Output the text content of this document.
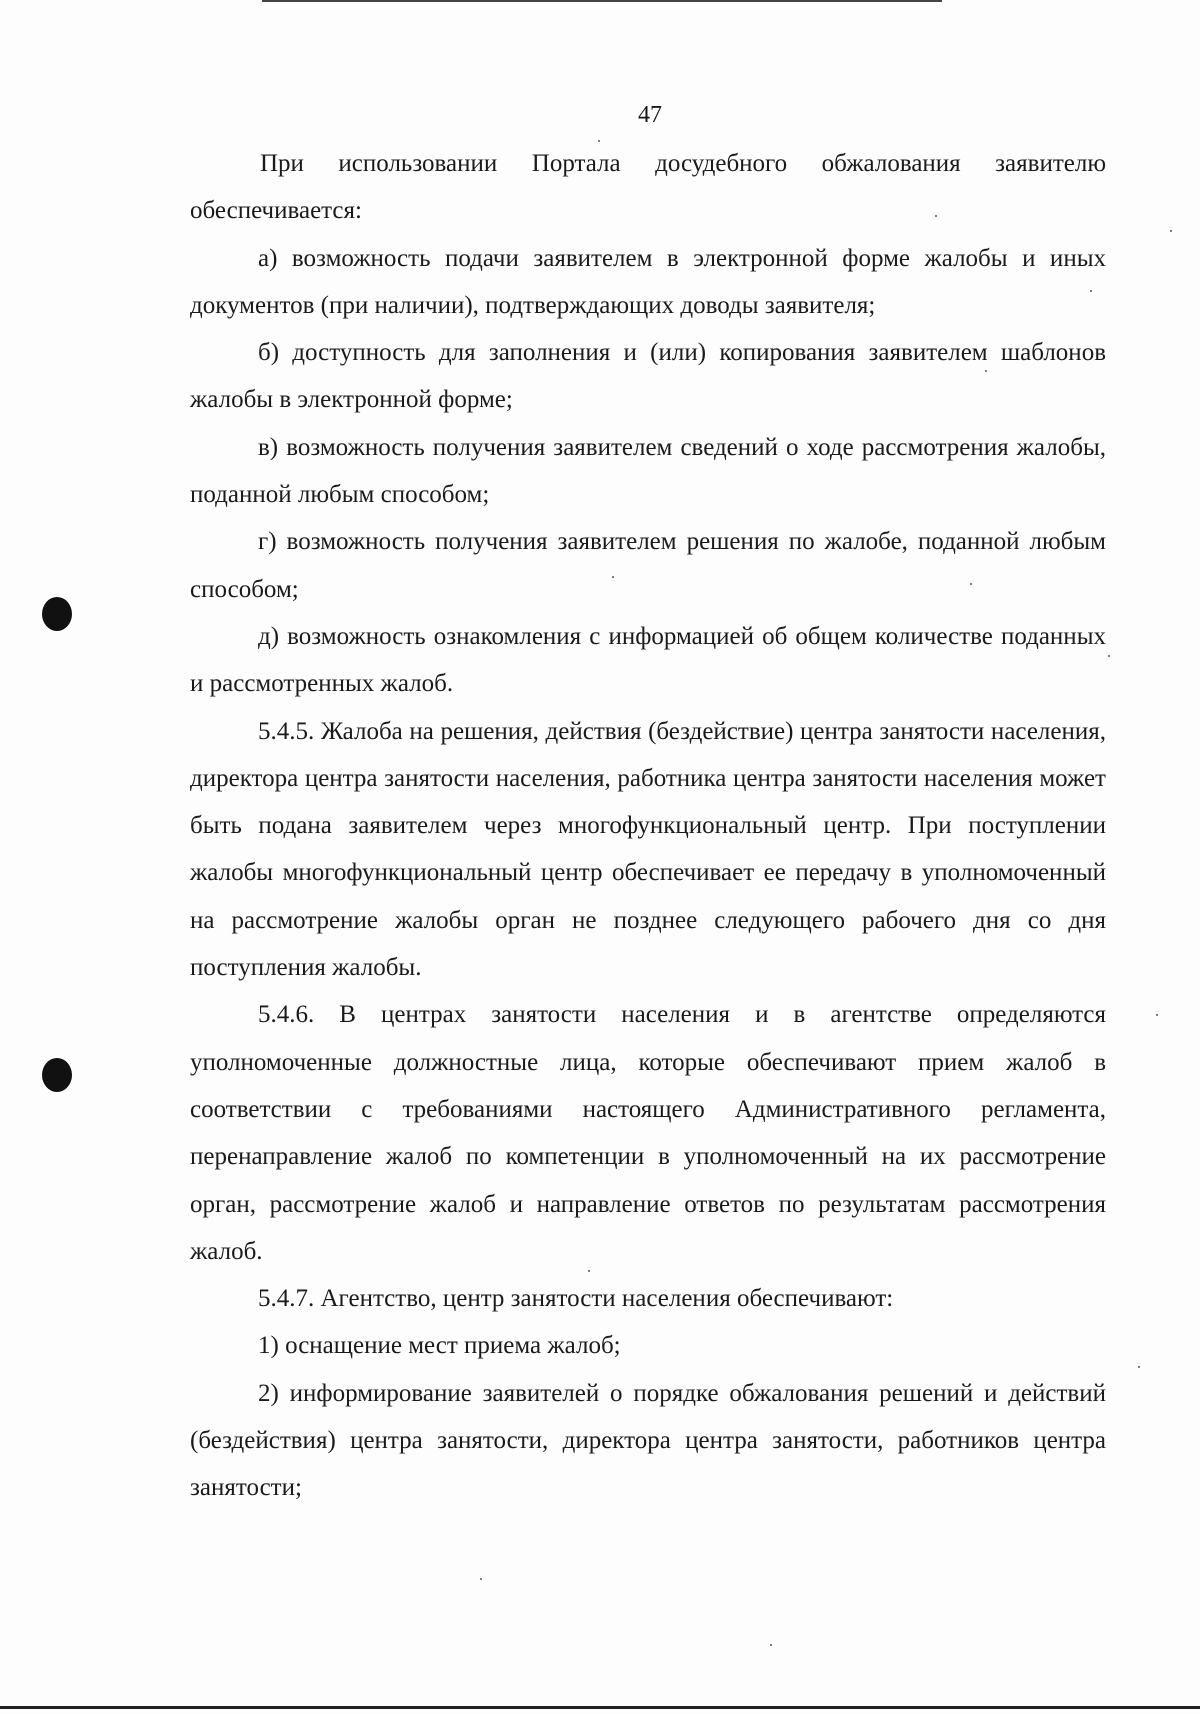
47

При использовании Портала досудебного обжалования заявителю обеспечивается:

а) возможность подачи заявителем в электронной форме жалобы и иных документов (при наличии), подтверждающих доводы заявителя;

б) доступность для заполнения и (или) копирования заявителем шаблонов жалобы в электронной форме;

в) возможность получения заявителем сведений о ходе рассмотрения жалобы, поданной любым способом;

г) возможность получения заявителем решения по жалобе, поданной любым способом;

д) возможность ознакомления с информацией об общем количестве поданных и рассмотренных жалоб.

5.4.5. Жалоба на решения, действия (бездействие) центра занятости населения, директора центра занятости населения, работника центра занятости населения может быть подана заявителем через многофункциональный центр. При поступлении жалобы многофункциональный центр обеспечивает ее передачу в уполномоченный на рассмотрение жалобы орган не позднее следующего рабочего дня со дня поступления жалобы.

5.4.6. В центрах занятости населения и в агентстве определяются уполномоченные должностные лица, которые обеспечивают прием жалоб в соответствии с требованиями настоящего Административного регламента, перенаправление жалоб по компетенции в уполномоченный на их рассмотрение орган, рассмотрение жалоб и направление ответов по результатам рассмотрения жалоб.

5.4.7. Агентство, центр занятости населения обеспечивают:

1) оснащение мест приема жалоб;

2) информирование заявителей о порядке обжалования решений и действий (бездействия) центра занятости, директора центра занятости, работников центра занятости;
